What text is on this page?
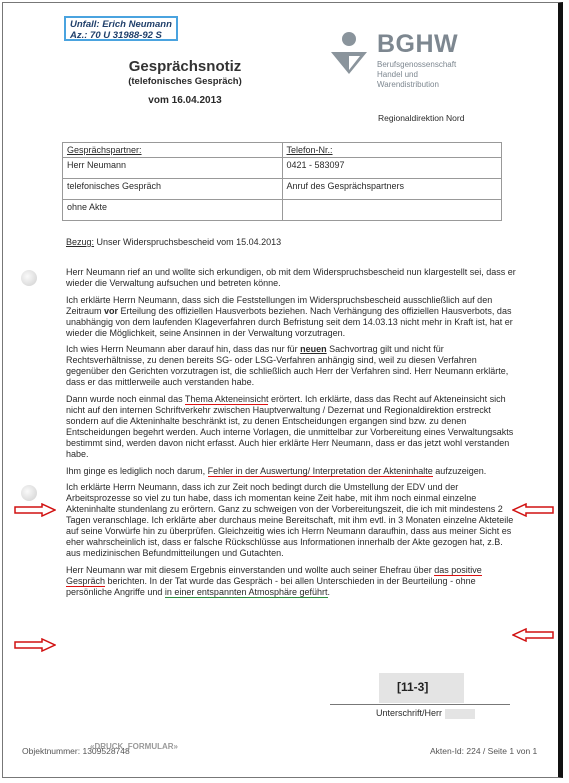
Unfall: Erich Neumann
Az.: 70 U 31988-92 S
Gesprächsnotiz
(telefonisches Gespräch)
vom 16.04.2013
BGHW
Berufsgenossenschaft
Handel und
Warendistribution
Regionaldirektion Nord
Gesprächspartner:	Telefon-Nr.:
Herr Neumann	0421 - 583097
telefonisches Gespräch	Anruf des Gesprächspartners
ohne Akte	
Bezug: Unser Widerspruchsbescheid vom 15.04.2013

Herr Neumann rief an und wollte sich erkundigen, ob mit dem Widerspruchsbescheid nun klargestellt sei, dass er wieder die Verwaltung aufsuchen und betreten könne.

Ich erklärte Herrn Neumann, dass sich die Feststellungen im Widerspruchsbescheid ausschließlich auf den Zeitraum vor Erteilung des offiziellen Hausverbots beziehen. Nach Verhängung des offiziellen Hausverbots, das unabhängig von dem laufenden Klageverfahren durch Befristung seit dem 14.03.13 nicht mehr in Kraft ist, hat er wieder die Möglichkeit, seine Ansinnen in der Verwaltung vorzutragen.

Ich wies Herrn Neumann aber darauf hin, dass das nur für neuen Sachvortrag gilt und nicht für Rechtsverhältnisse, zu denen bereits SG- oder LSG-Verfahren anhängig sind, weil zu diesen Verfahren gegenüber den Gerichten vorzutragen ist, die schließlich auch Herr der Verfahren sind. Herr Neumann erklärte, dass er das mittlerweile auch verstanden habe.

Dann wurde noch einmal das Thema Akteneinsicht erörtert. Ich erklärte, dass das Recht auf Akteneinsicht sich nicht auf den internen Schriftverkehr zwischen Hauptverwaltung / Dezernat und Regionaldirektion erstreckt sondern auf die Akteninhalte beschränkt ist, zu denen Entscheidungen ergangen sind bzw. zu denen Entscheidungen begehrt werden. Auch interne Vorlagen, die unmittelbar zur Vorbereitung eines Verwaltungsakts bestimmt sind, werden davon nicht erfasst. Auch hier erklärte Herr Neumann, dass er das jetzt wohl verstanden habe.

Ihm ginge es lediglich noch darum, Fehler in der Auswertung/ Interpretation der Akteninhalte aufzuzeigen.

Ich erklärte Herrn Neumann, dass ich zur Zeit noch bedingt durch die Umstellung der EDV und der Arbeitsprozesse so viel zu tun habe, dass ich momentan keine Zeit habe, mit ihm noch einmal einzelne Akteninhalte stundenlang zu erörtern. Ganz zu schweigen von der Vorbereitungszeit, die ich mit mindestens 2 Tagen veranschlage. Ich erklärte aber durchaus meine Bereitschaft, mit ihm evtl. in 3 Monaten einzelne Akteteile auf seine Vorwürfe hin zu überprüfen. Gleichzeitig wies ich Herrn Neumann daraufhin, dass aus meiner Sicht es eher wahrscheinlich ist, dass er falsche Rückschlüsse aus Informationen innerhalb der Akte gezogen hat, z.B. aus medizinischen Befundmitteilungen und Gutachten.

Herr Neumann war mit diesem Ergebnis einverstanden und wollte auch seiner Ehefrau über das positive Gespräch berichten. In der Tat wurde das Gespräch - bei allen Unterschieden in der Beurteilung - ohne persönliche Angriffe und in einer entspannten Atmosphäre geführt.

[11-3]
Unterschrift/Herr
Objektnummer: 1309528748
«DRUCK_FORMULAR»	Akten-Id: 224 / Seite 1 von 1
